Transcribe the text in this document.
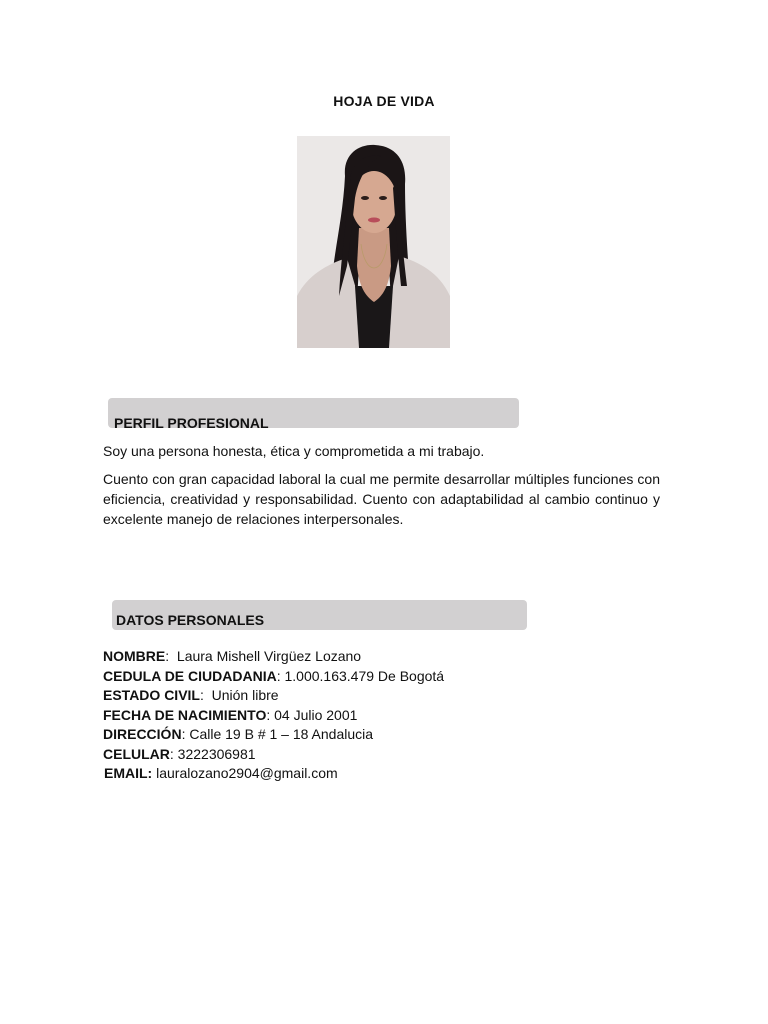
HOJA DE VIDA
PERFIL PROFESIONAL
Soy una persona honesta, ética y comprometida a mi trabajo.
Cuento con gran capacidad laboral la cual me permite desarrollar múltiples funciones con eficiencia, creatividad y responsabilidad. Cuento con adaptabilidad al cambio continuo y excelente manejo de relaciones interpersonales.
DATOS PERSONALES
NOMBRE:  Laura Mishell Virgüez Lozano
CEDULA DE CIUDADANIA: 1.000.163.479 De Bogotá
ESTADO CIVIL:  Unión libre
FECHA DE NACIMIENTO: 04 Julio 2001
DIRECCIÓN: Calle 19 B # 1 – 18 Andalucia
CELULAR: 3222306981
EMAIL: lauralozano2904@gmail.com
